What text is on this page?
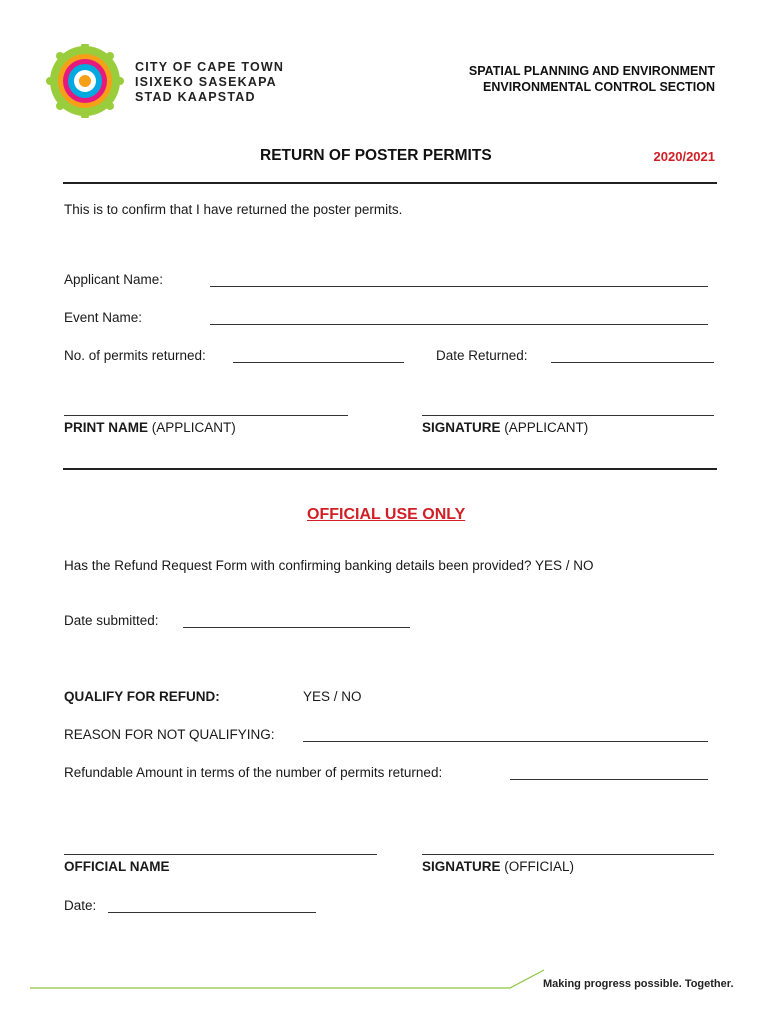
CITY OF CAPE TOWN
ISIXEKO SASEKAPA
STAD KAAPSTAD
SPATIAL PLANNING AND ENVIRONMENT
ENVIRONMENTAL CONTROL SECTION
RETURN OF POSTER PERMITS	2020/2021
This is to confirm that I have returned the poster permits.
Applicant Name:
Event Name:
No. of permits returned:	Date Returned:
PRINT NAME (APPLICANT)	SIGNATURE (APPLICANT)
OFFICIAL USE ONLY
Has the Refund Request Form with confirming banking details been provided? YES / NO
Date submitted:
QUALIFY FOR REFUND:	YES / NO
REASON FOR NOT QUALIFYING:
Refundable Amount in terms of the number of permits returned:
OFFICIAL NAME	SIGNATURE (OFFICIAL)
Date:
Making progress possible. Together.
